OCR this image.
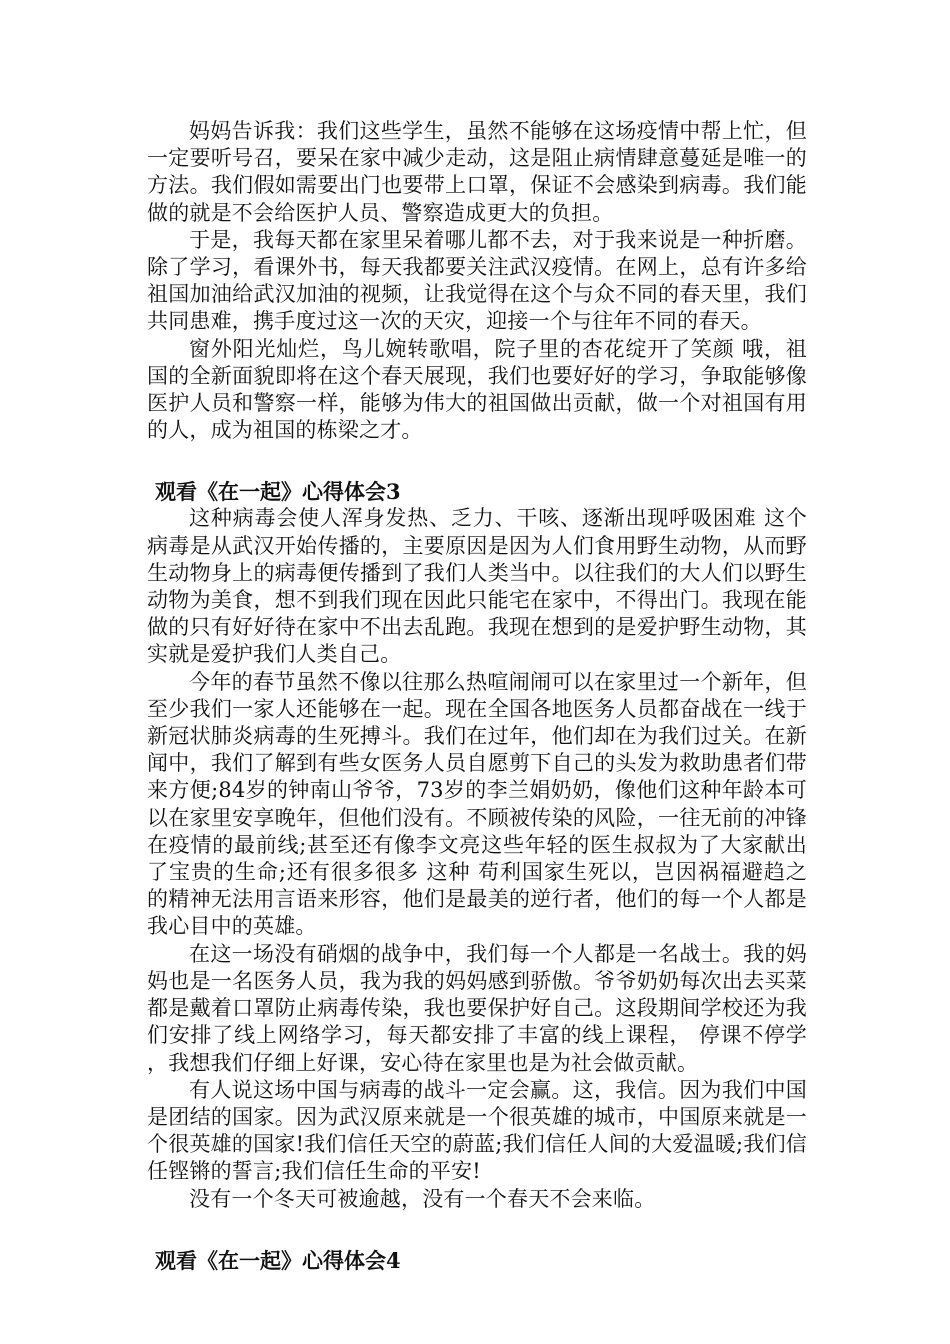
妈妈告诉我：我们这些学生，虽然不能够在这场疫情中帮上忙，但一定要听号召，要呆在家中减少走动，这是阻止病情肆意蔓延是唯一的方法。我们假如需要出门也要带上口罩，保证不会感染到病毒。我们能做的就是不会给医护人员、警察造成更大的负担。

于是，我每天都在家里呆着哪儿都不去，对于我来说是一种折磨。除了学习，看课外书，每天我都要关注武汉疫情。在网上，总有许多给祖国加油给武汉加油的视频，让我觉得在这个与众不同的春天里，我们共同患难，携手度过这一次的天灾，迎接一个与往年不同的春天。

窗外阳光灿烂，鸟儿婉转歌唱，院子里的杏花绽开了笑颜 哦，祖国的全新面貌即将在这个春天展现，我们也要好好的学习，争取能够像医护人员和警察一样，能够为伟大的祖国做出贡献，做一个对祖国有用的人，成为祖国的栋梁之才。

观看《在一起》心得体会3

这种病毒会使人浑身发热、乏力、干咳、逐渐出现呼吸困难 这个病毒是从武汉开始传播的，主要原因是因为人们食用野生动物，从而野生动物身上的病毒便传播到了我们人类当中。以往我们的大人们以野生动物为美食，想不到我们现在因此只能宅在家中，不得出门。我现在能做的只有好好待在家中不出去乱跑。我现在想到的是爱护野生动物，其实就是爱护我们人类自己。

今年的春节虽然不像以往那么热喧闹闹可以在家里过一个新年，但至少我们一家人还能够在一起。现在全国各地医务人员都奋战在一线于新冠状肺炎病毒的生死搏斗。我们在过年，他们却在为我们过关。在新闻中，我们了解到有些女医务人员自愿剪下自己的头发为救助患者们带来方便;84岁的钟南山爷爷，73岁的李兰娟奶奶，像他们这种年龄本可以在家里安享晚年，但他们没有。不顾被传染的风险，一往无前的冲锋在疫情的最前线;甚至还有像李文亮这些年轻的医生叔叔为了大家献出了宝贵的生命;还有很多很多 这种 苟利国家生死以，岂因祸福避趋之 的精神无法用言语来形容，他们是最美的逆行者，他们的每一个人都是我心目中的英雄。

在这一场没有硝烟的战争中，我们每一个人都是一名战士。我的妈妈也是一名医务人员，我为我的妈妈感到骄傲。爷爷奶奶每次出去买菜都是戴着口罩防止病毒传染，我也要保护好自己。这段期间学校还为我们安排了线上网络学习，每天都安排了丰富的线上课程， 停课不停学 ，我想我们仔细上好课，安心待在家里也是为社会做贡献。

有人说这场中国与病毒的战斗一定会赢。这，我信。因为我们中国是团结的国家。因为武汉原来就是一个很英雄的城市，中国原来就是一个很英雄的国家!我们信任天空的蔚蓝;我们信任人间的大爱温暖;我们信任铿锵的誓言;我们信任生命的平安!

没有一个冬天可被逾越，没有一个春天不会来临。

观看《在一起》心得体会4
